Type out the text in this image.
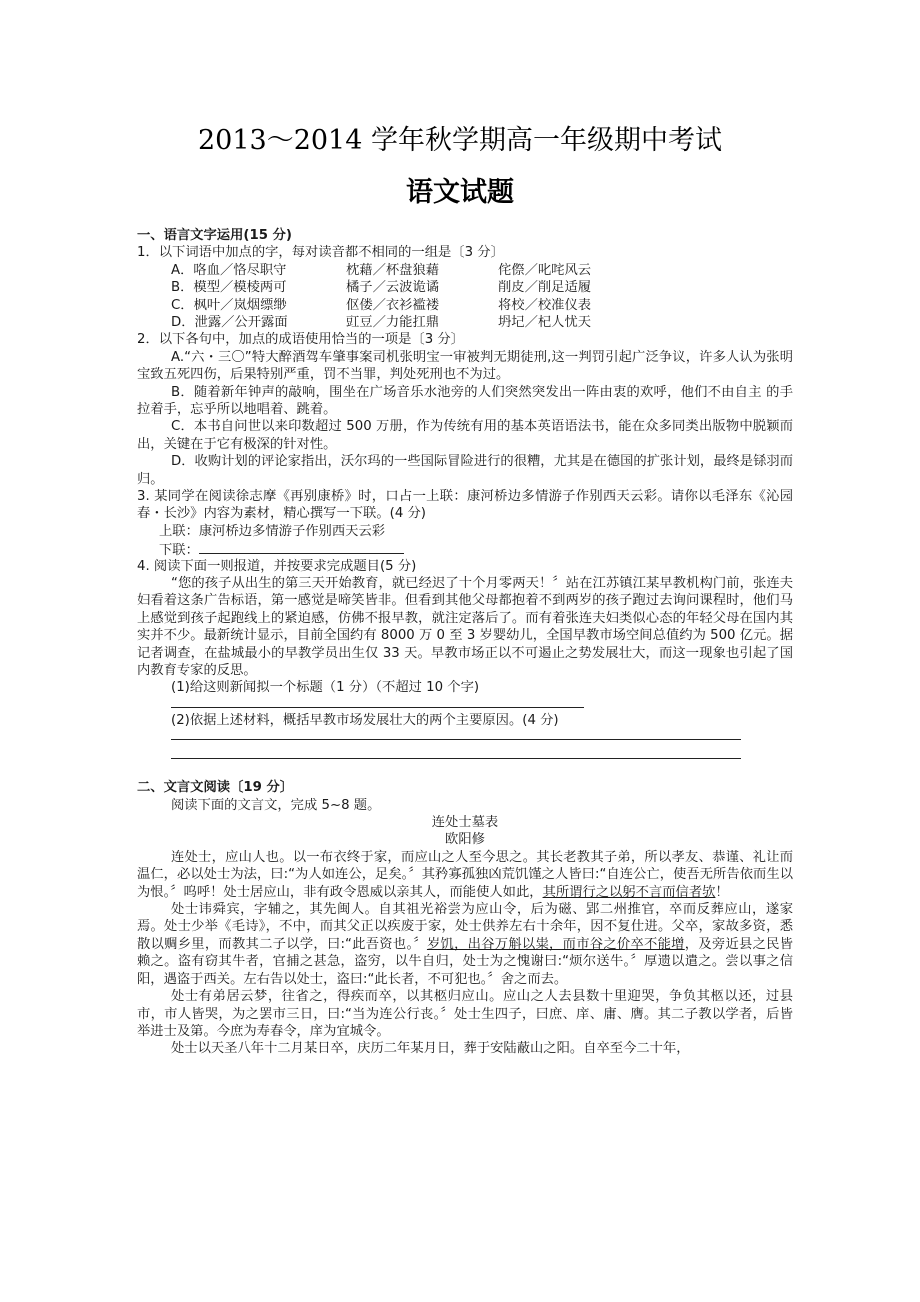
2013～2014 学年秋学期高一年级期中考试
语文试题
一、语言文字运用(15 分)
1．以下词语中加点的字，每对读音都不相同的一组是〔3 分〕
A．咯血／恪尽职守	枕藉／杯盘狼藉	侘傺／叱咤风云
B．模型／模棱两可	橘子／云波诡谲	削皮／削足适履
C．枫叶／岚烟缥缈	伛偻／衣衫褴褛	将校／校准仪表
D．泄露／公开露面	豇豆／力能扛鼎	坍圮／杞人忧天
2．以下各句中，加点的成语使用恰当的一项是〔3 分〕
A.“六・三〇”特大醉酒驾车肇事案司机张明宝一审被判无期徒刑,这一判罚引起广泛争议，许多人认为张明宝致五死四伤，后果特别严重，罚不当罪，判处死刑也不为过。
B．随着新年钟声的敲响，围坐在广场音乐水池旁的人们突然突发出一阵由衷的欢呼，他们不由自主 的手拉着手，忘乎所以地唱着、跳着。
C．本书自问世以来印数超过 500 万册，作为传统有用的基本英语语法书，能在众多同类出版物中脱颖而出，关键在于它有极深的针对性。
D．收购计划的评论家指出，沃尔玛的一些国际冒险进行的很糟，尤其是在德国的扩张计划，最终是铩羽而归。
3. 某同学在阅读徐志摩《再别康桥》时，口占一上联：康河桥边多情游子作别西天云彩。请你以毛泽东《沁园春・长沙》内容为素材，精心撰写一下联。(4 分)
上联：康河桥边多情游子作别西天云彩
下联：
4. 阅读下面一则报道，并按要求完成题目(5 分)
“您的孩子从出生的第三天开始教育，就已经迟了十个月零两天！〞站在江苏镇江某早教机构门前，张连夫妇看着这条广告标语，第一感觉是啼笑皆非。但看到其他父母都抱着不到两岁的孩子跑过去询问课程时，他们马上感觉到孩子起跑线上的紧迫感，仿佛不报早教，就注定落后了。而有着张连夫妇类似心态的年轻父母在国内其实并不少。最新统计显示，目前全国约有 8000 万 0 至 3 岁婴幼儿，全国早教市场空间总值约为 500 亿元。据记者调查，在盐城最小的早教学员出生仅 33 天。早教市场正以不可遏止之势发展壮大，而这一现象也引起了国内教育专家的反思。
(1)给这则新闻拟一个标题（1 分）（不超过 10 个字)
(2)依据上述材料，概括早教市场发展壮大的两个主要原因。(4 分)
二、文言文阅读〔19 分〕
阅读下面的文言文，完成 5~8 题。
连处士墓表
欧阳修
连处士，应山人也。以一布衣终于家，而应山之人至今思之。其长老教其子弟，所以孝友、恭谨、礼让而温仁，必以处士为法，曰:“为人如连公，足矣。〞其矜寡孤独凶荒饥馑之人皆曰:“自连公亡，使吾无所告依而生以为恨。〞呜呼！处士居应山，非有政令恩威以亲其人，而能使人如此，其所谓行之以躬不言而信者欤！
处士讳舜宾，字辅之，其先闽人。自其祖光裕尝为应山令，后为磁、郢二州推官，卒而反葬应山，遂家焉。处士少举《毛诗》，不中，而其父正以疾废于家，处士供养左右十余年，因不复仕进。父卒，家故多资，悉散以赒乡里，而教其二子以学，曰:“此吾资也。〞岁饥，出谷万斛以粜，而市谷之价卒不能增，及旁近县之民皆赖之。盗有窃其牛者，官捕之甚急，盗穷，以牛自归，处士为之愧谢曰:“烦尔送牛。〞厚遗以遣之。尝以事之信阳，遇盗于西关。左右告以处士，盗曰:“此长者，不可犯也。〞舍之而去。
处士有弟居云梦，往省之，得疾而卒，以其柩归应山。应山之人去县数十里迎哭，争负其柩以还，过县市，市人皆哭，为之罢市三日，曰:“当为连公行丧。〞处士生四子，曰庶、庠、庸、膺。其二子教以学者，后皆举进士及第。今庶为寿春令，庠为宜城令。
处士以天圣八年十二月某日卒，庆历二年某月日，葬于安陆蔽山之阳。自卒至今二十年，
